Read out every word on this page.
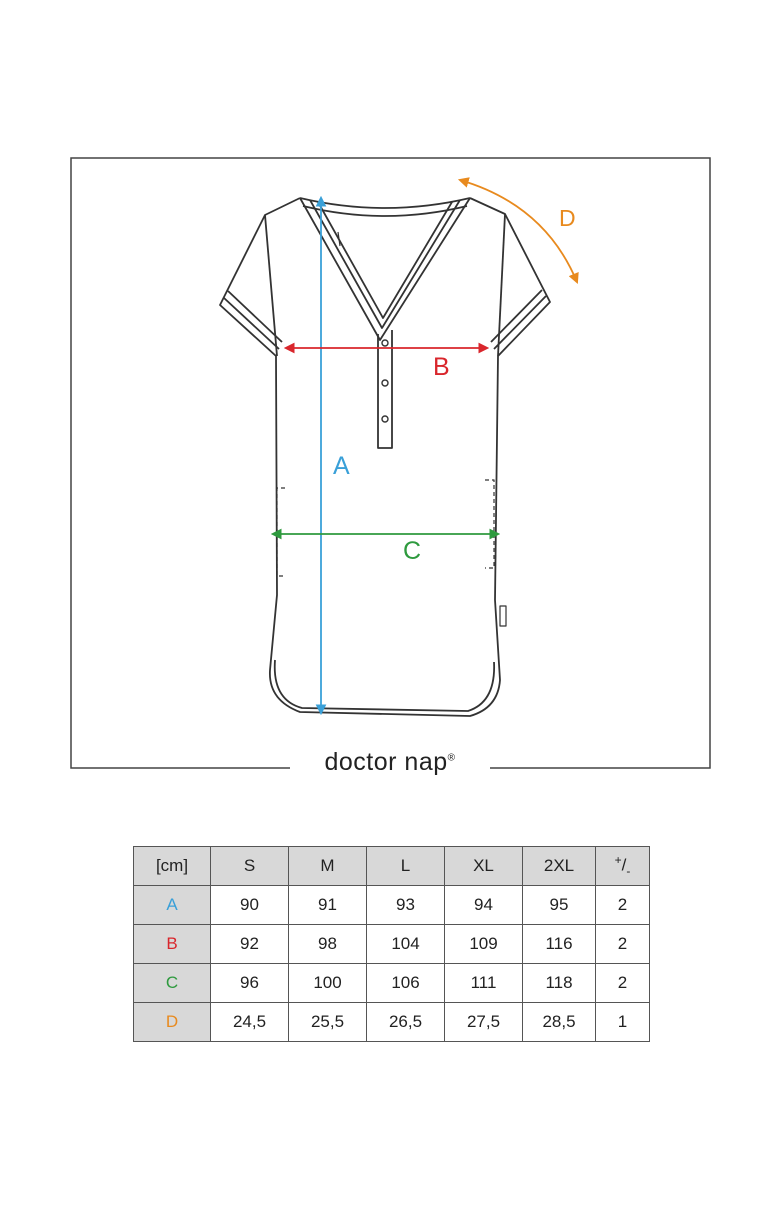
A
B
C
D
doctor nap®
[cm]	S	M	L	XL	2XL	$^+/_-$
A	90	91	93	94	95	2
B	92	98	104	109	116	2
C	96	100	106	111	118	2
D	24,5	25,5	26,5	27,5	28,5	1
